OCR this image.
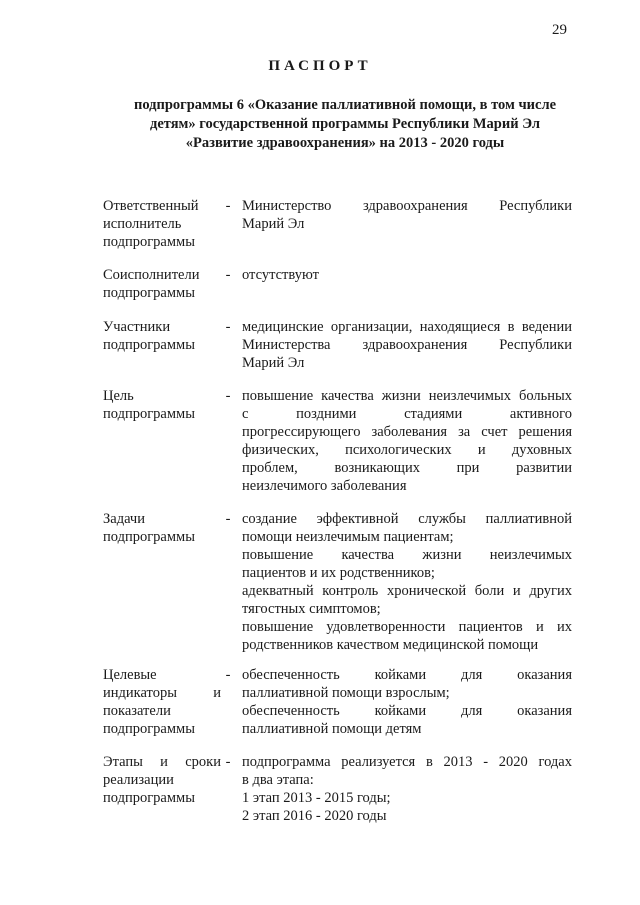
29
ПАСПОРТ
подпрограммы 6 «Оказание паллиативной помощи, в том числе
детям» государственной программы Республики Марий Эл
«Развитие здравоохранения» на 2013 - 2020 годы
Ответственный
исполнитель
подпрограммы
- Министерство здравоохранения Республики
Марий Эл
Соисполнители
подпрограммы
- отсутствуют
Участники
подпрограммы
- медицинские организации, находящиеся в ведении
Министерства здравоохранения Республики
Марий Эл
Цель
подпрограммы
- повышение качества жизни неизлечимых больных
с поздними стадиями активного
прогрессирующего заболевания за счет решения
физических, психологических и духовных
проблем, возникающих при развитии
неизлечимого заболевания
Задачи
подпрограммы
- создание эффективной службы паллиативной
помощи неизлечимым пациентам;
повышение качества жизни неизлечимых
пациентов и их родственников;
адекватный контроль хронической боли и других
тягостных симптомов;
повышение удовлетворенности пациентов и их
родственников качеством медицинской помощи
Целевые
индикаторы и
показатели
подпрограммы
- обеспеченность койками для оказания
паллиативной помощи взрослым;
обеспеченность койками для оказания
паллиативной помощи детям
Этапы и сроки
реализации
подпрограммы
- подпрограмма реализуется в 2013 - 2020 годах
в два этапа:
1 этап 2013 - 2015 годы;
2 этап 2016 - 2020 годы
